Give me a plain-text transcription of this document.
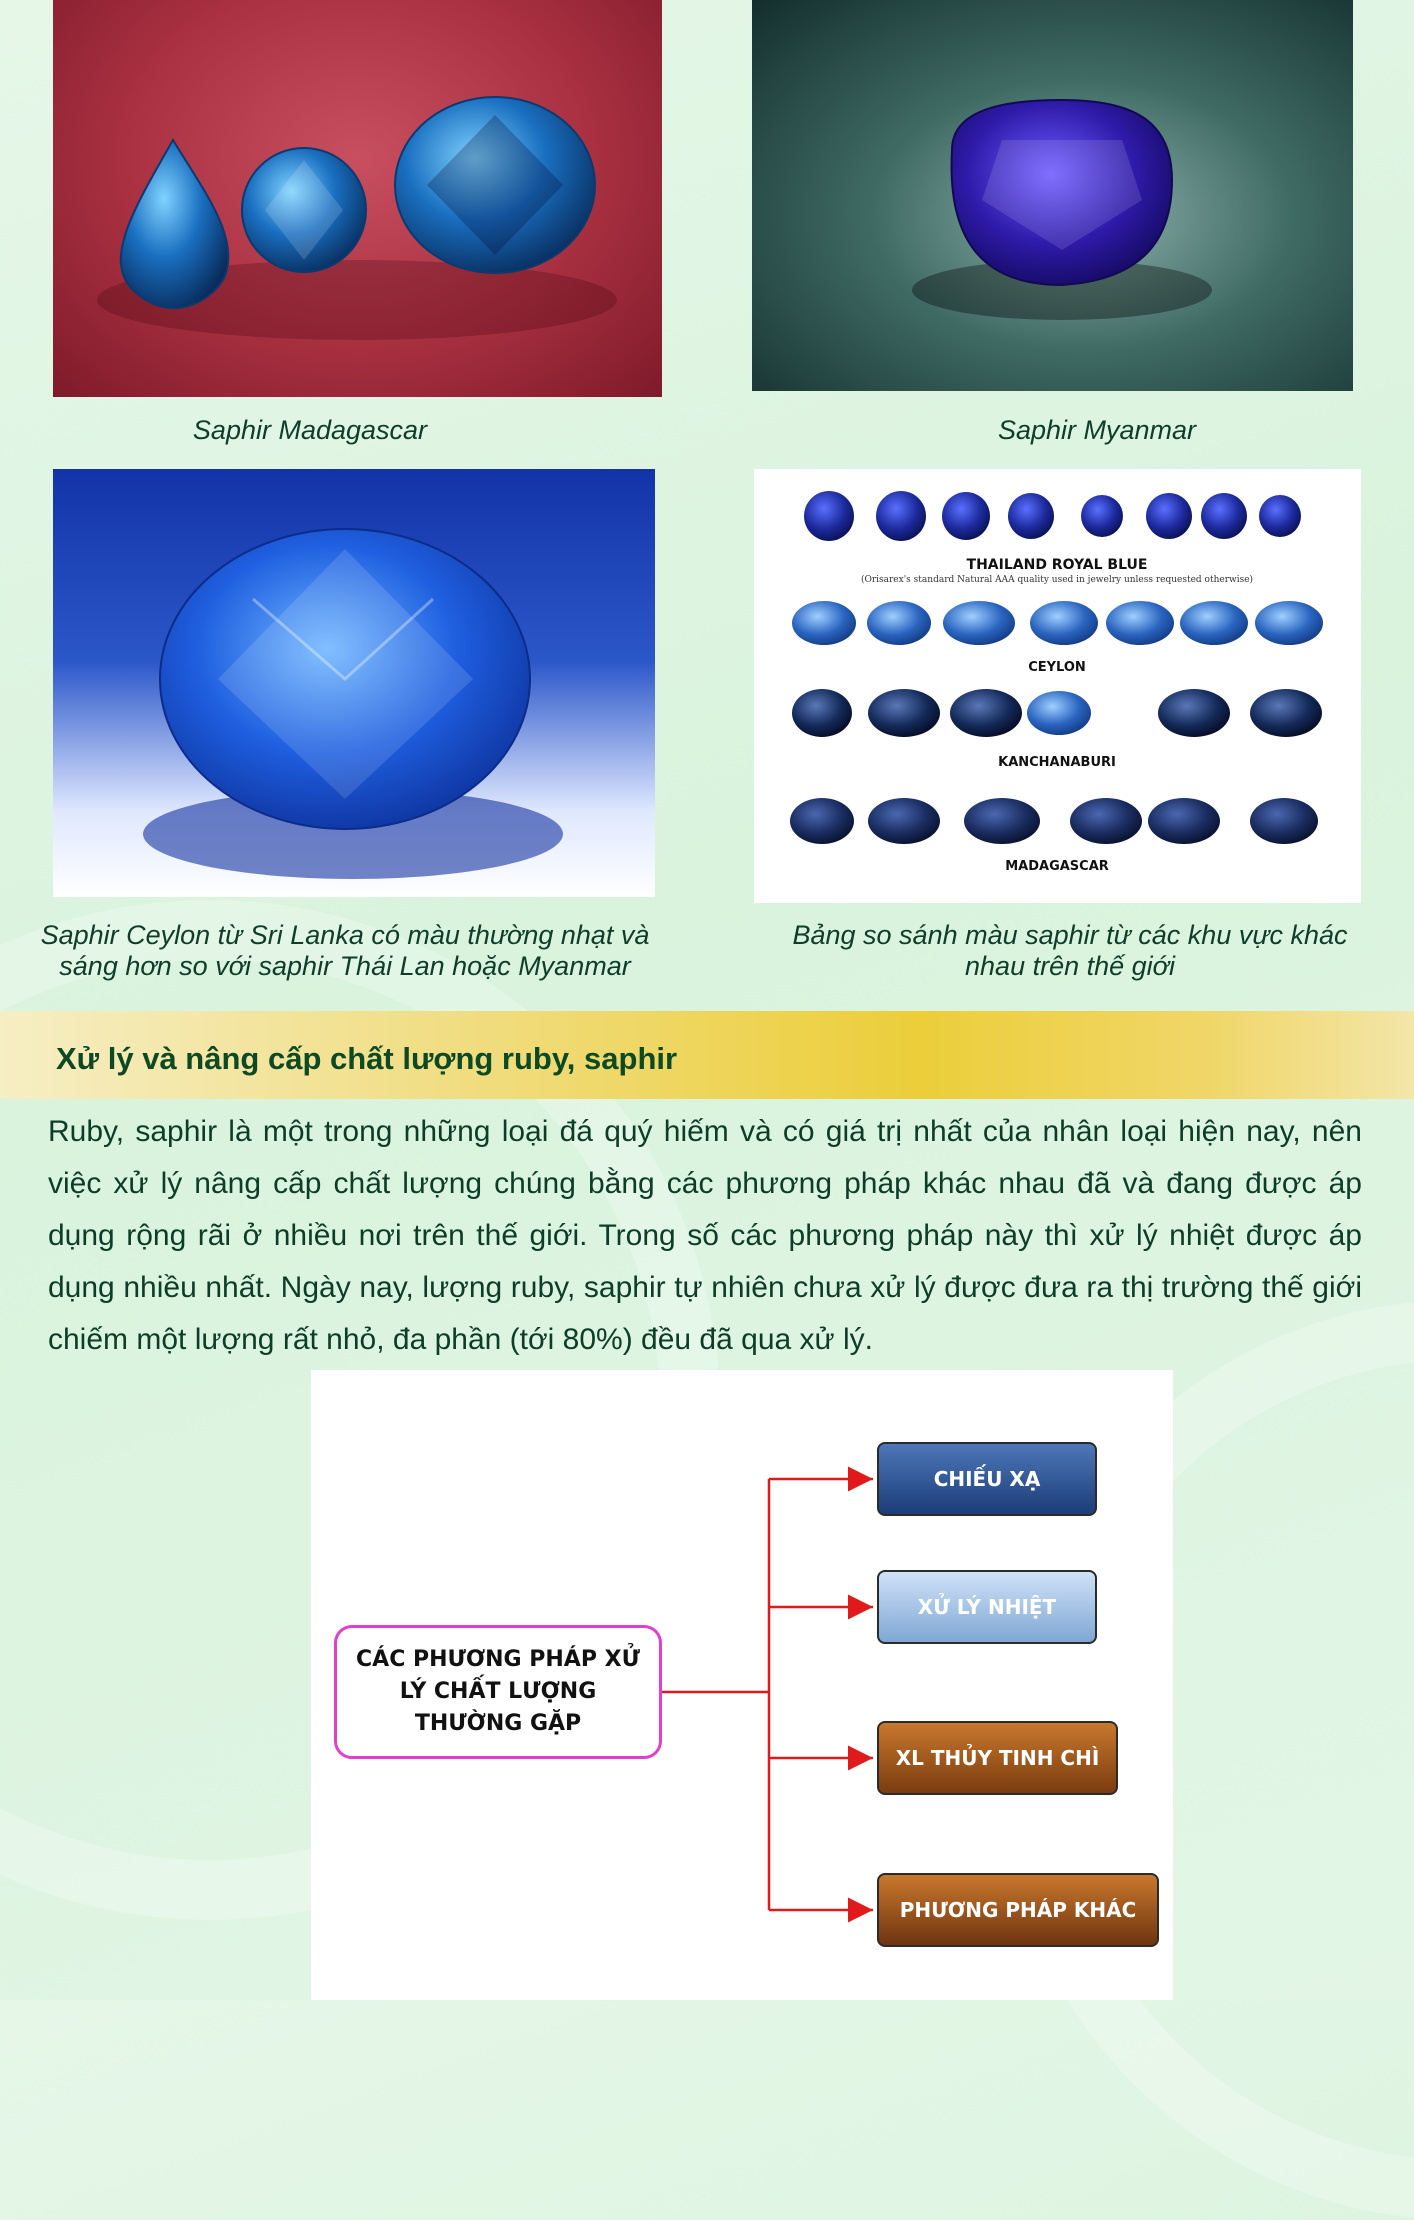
Saphir Madagascar	Saphir Myanmar
Saphir Ceylon từ Sri Lanka có màu thường nhạt và sáng hơn so với saphir Thái Lan hoặc Myanmar
THAILAND ROYAL BLUE
(Orisarex's standard Natural AAA quality used in jewelry unless requested otherwise)
CEYLON
KANCHANABURI
MADAGASCAR
Bảng so sánh màu saphir từ các khu vực khác nhau trên thế giới
Xử lý và nâng cấp chất lượng ruby, saphir
Ruby, saphir là một trong những loại đá quý hiếm và có giá trị nhất của nhân loại hiện nay, nên việc xử lý nâng cấp chất lượng chúng bằng các phương pháp khác nhau đã và đang được áp dụng rộng rãi ở nhiều nơi trên thế giới. Trong số các phương pháp này thì xử lý nhiệt được áp dụng nhiều nhất. Ngày nay, lượng ruby, saphir tự nhiên chưa xử lý được đưa ra thị trường thế giới chiếm một lượng rất nhỏ, đa phần (tới 80%) đều đã qua xử lý.
CÁC PHƯƠNG PHÁP XỬ LÝ CHẤT LƯỢNG THƯỜNG GẶP
CHIẾU XẠ
XỬ LÝ NHIỆT
XL THỦY TINH CHÌ
PHƯƠNG PHÁP KHÁC
